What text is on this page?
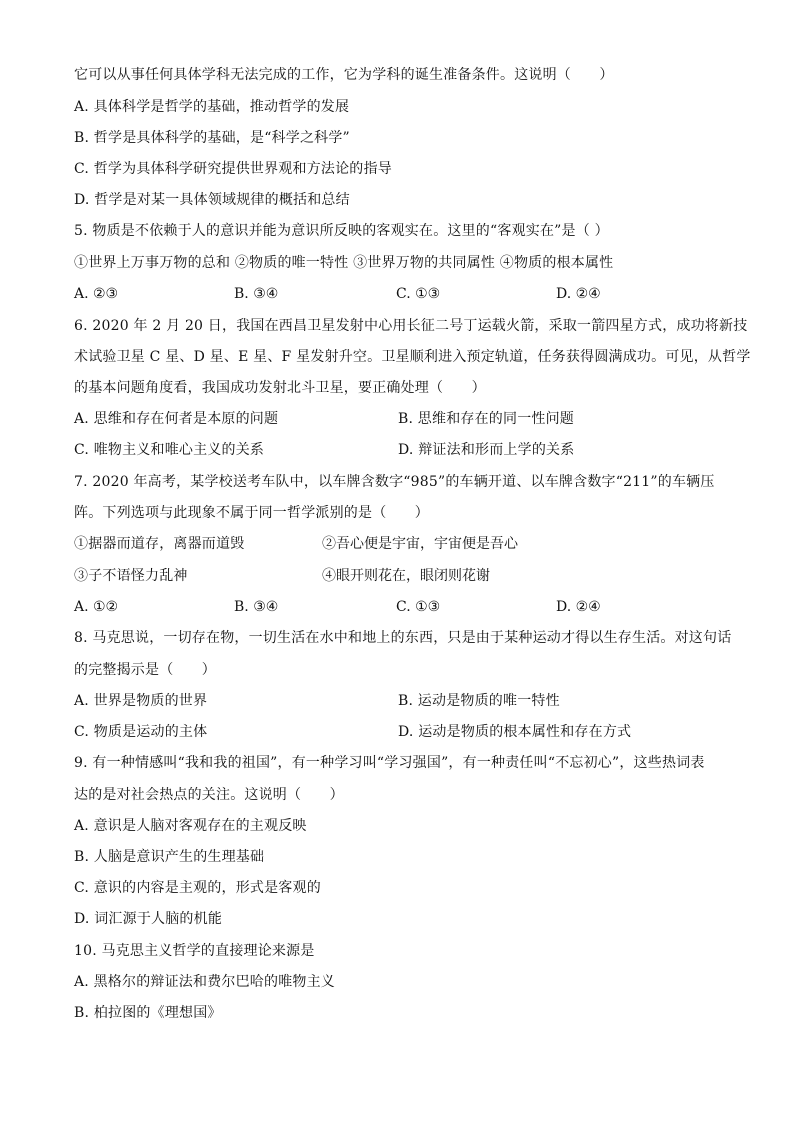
它可以从事任何具体学科无法完成的工作，它为学科的诞生准备条件。这说明（　　）
A. 具体科学是哲学的基础，推动哲学的发展
B. 哲学是具体科学的基础，是“科学之科学”
C. 哲学为具体科学研究提供世界观和方法论的指导
D. 哲学是对某一具体领域规律的概括和总结
5. 物质是不依赖于人的意识并能为意识所反映的客观实在。这里的“客观实在”是（ ）
①世界上万事万物的总和 ②物质的唯一特性 ③世界万物的共同属性 ④物质的根本属性
A. ②③	B. ③④	C. ①③	D. ②④
6. 2020 年 2 月 20 日，我国在西昌卫星发射中心用长征二号丁运载火箭，采取一箭四星方式，成功将新技
术试验卫星 C 星、D 星、E 星、F 星发射升空。卫星顺利进入预定轨道，任务获得圆满成功。可见，从哲学
的基本问题角度看，我国成功发射北斗卫星，要正确处理（　　）
A. 思维和存在何者是本原的问题	B. 思维和存在的同一性问题
C. 唯物主义和唯心主义的关系	D. 辩证法和形而上学的关系
7. 2020 年高考，某学校送考车队中，以车牌含数字“985”的车辆开道、以车牌含数字“211”的车辆压
阵。下列选项与此现象不属于同一哲学派别的是（　　）
①据器而道存，离器而道毁	②吾心便是宇宙，宇宙便是吾心
③子不语怪力乱神	④眼开则花在，眼闭则花谢
A. ①②	B. ③④	C. ①③	D. ②④
8. 马克思说，一切存在物，一切生活在水中和地上的东西，只是由于某种运动才得以生存生活。对这句话
的完整揭示是（　　）
A. 世界是物质的世界	B. 运动是物质的唯一特性
C. 物质是运动的主体	D. 运动是物质的根本属性和存在方式
9. 有一种情感叫“我和我的祖国”，有一种学习叫“学习强国”，有一种责任叫“不忘初心”，这些热词表
达的是对社会热点的关注。这说明（　　）
A. 意识是人脑对客观存在的主观反映
B. 人脑是意识产生的生理基础
C. 意识的内容是主观的，形式是客观的
D. 词汇源于人脑的机能
10. 马克思主义哲学的直接理论来源是
A. 黑格尔的辩证法和费尔巴哈的唯物主义
B. 柏拉图的《理想国》
